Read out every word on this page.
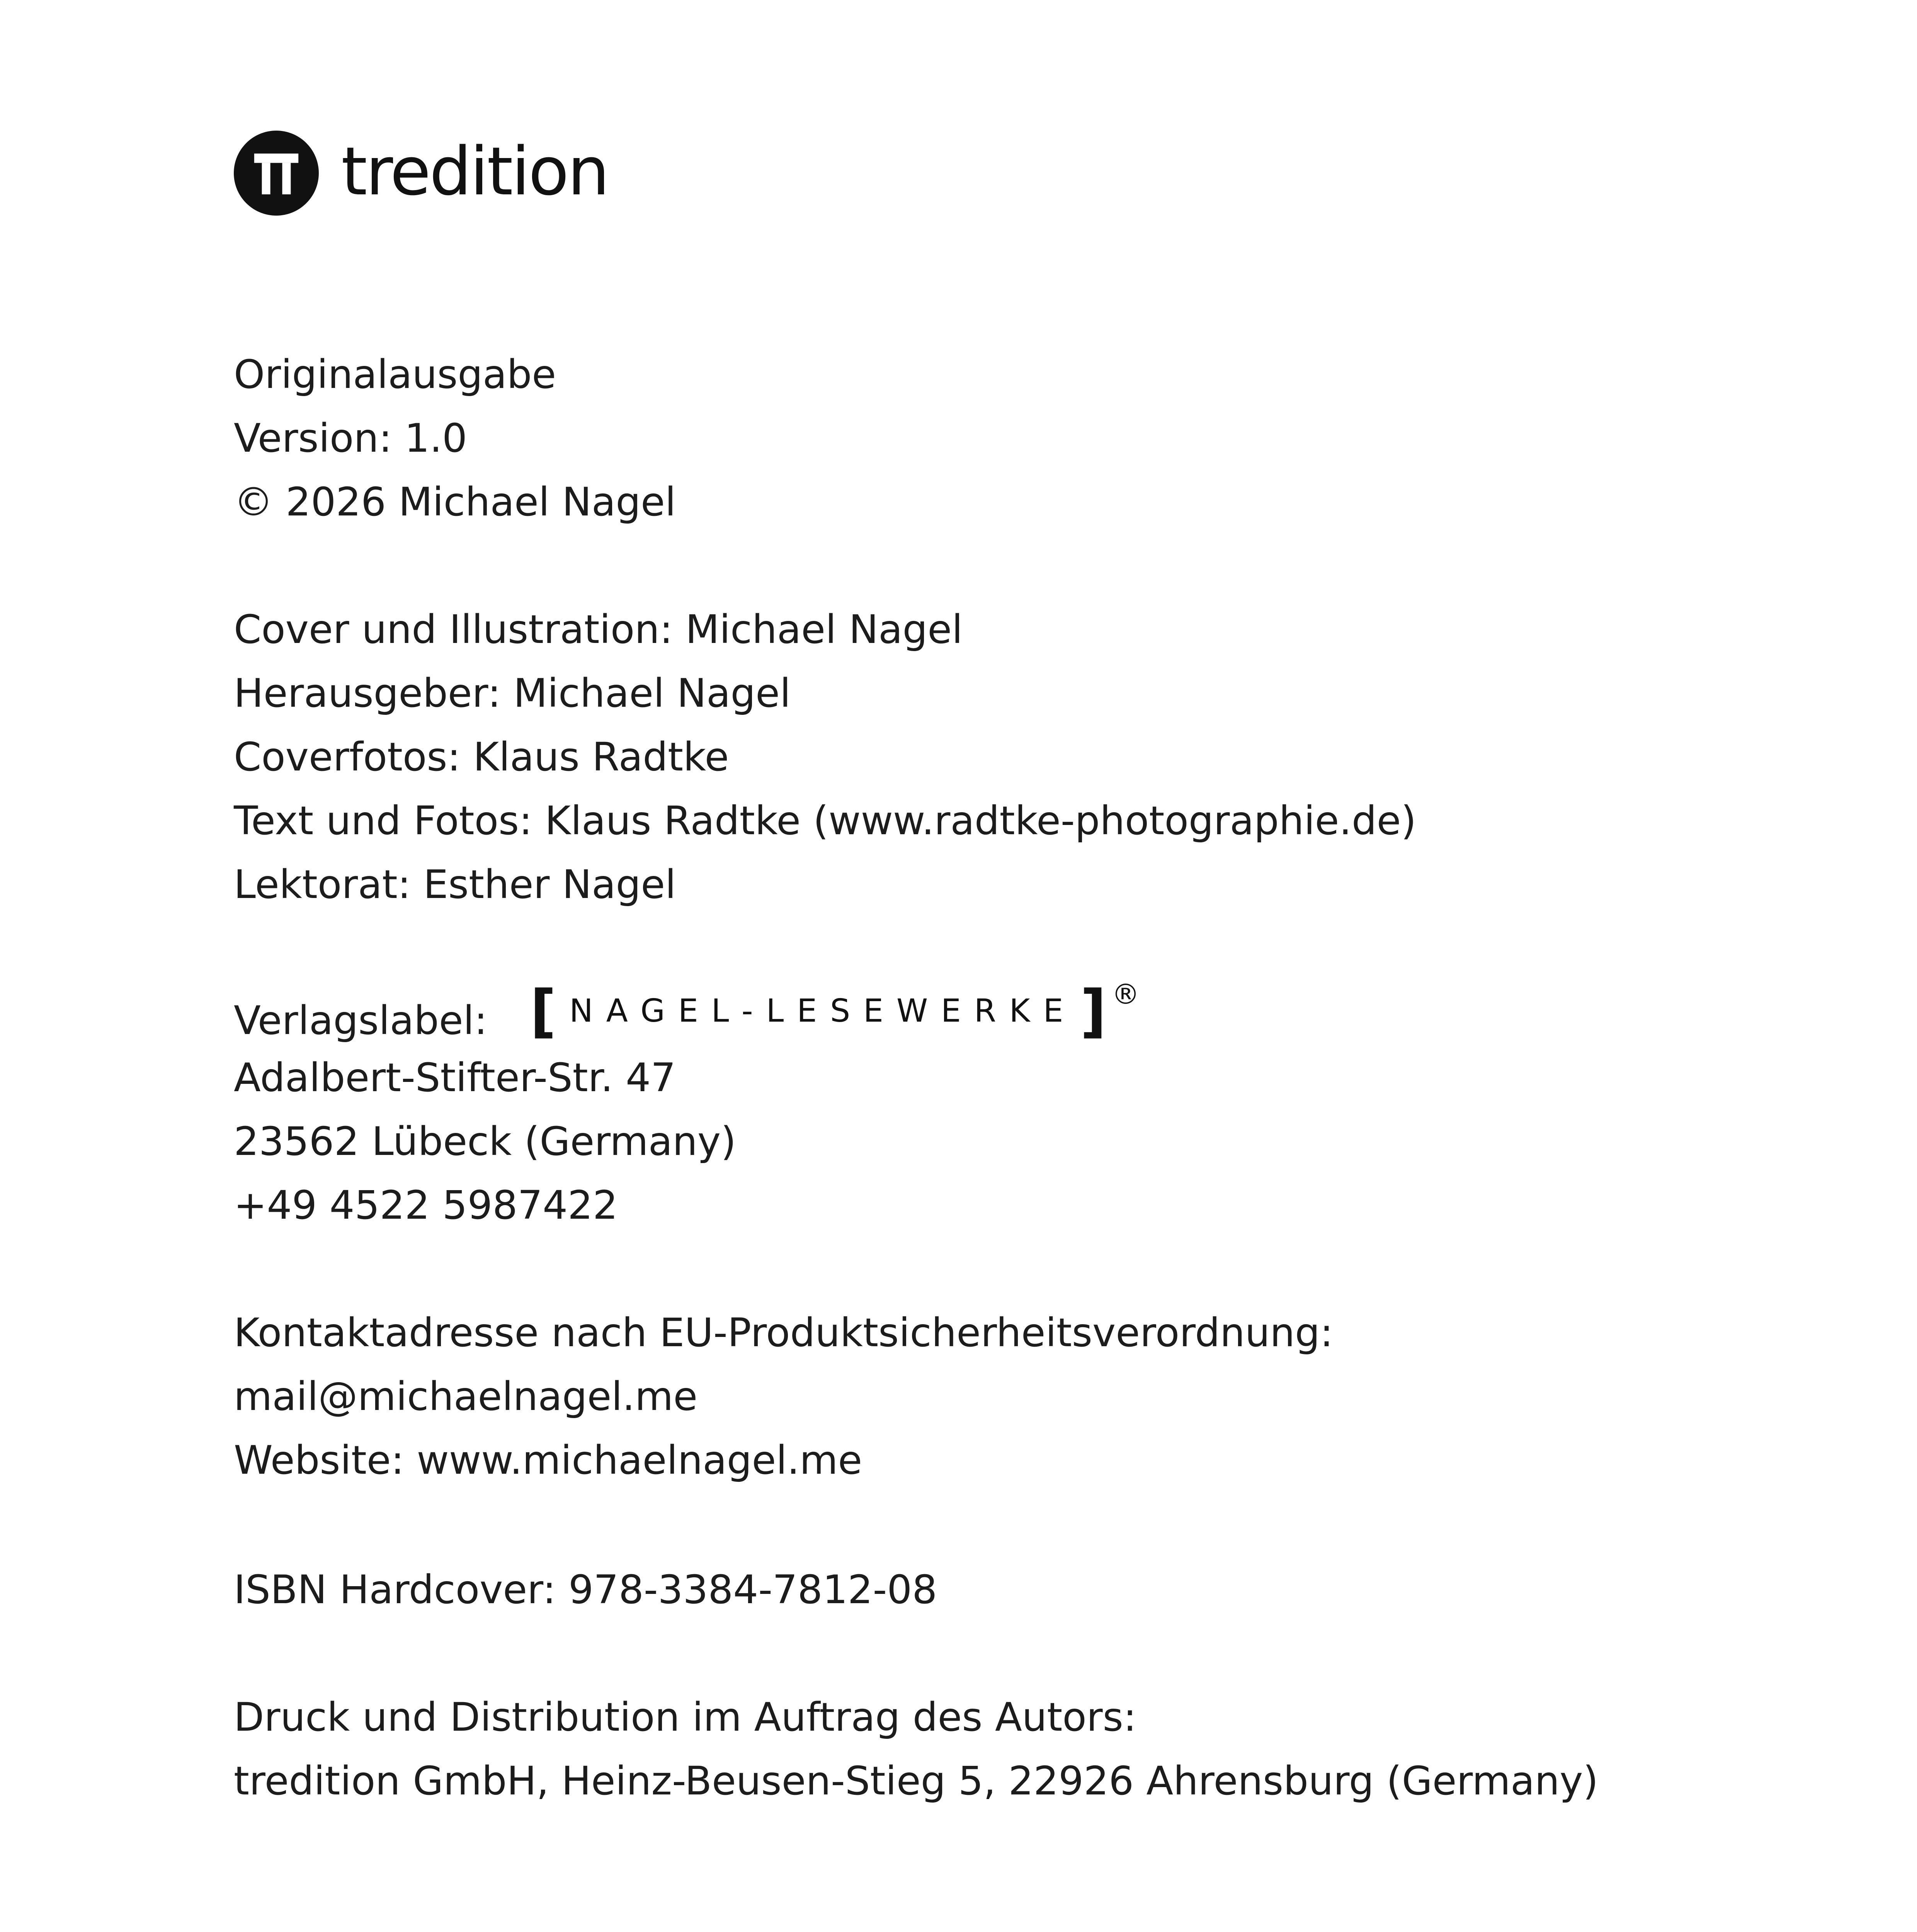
tredition
Originalausgabe
Version: 1.0
© 2026 Michael Nagel
Cover und Illustration: Michael Nagel
Herausgeber: Michael Nagel
Coverfotos: Klaus Radtke
Text und Fotos: Klaus Radtke (www.radtke-photographie.de)
Lektorat: Esther Nagel
Verlagslabel: [ NAGEL-LESEWERKE ] ®
Adalbert-Stifter-Str. 47
23562 Lübeck (Germany)
+49 4522 5987422
Kontaktadresse nach EU-Produktsicherheitsverordnung:
mail@michaelnagel.me
Website: www.michaelnagel.me
ISBN Hardcover: 978-3384-7812-08
Druck und Distribution im Auftrag des Autors:
tredition GmbH, Heinz-Beusen-Stieg 5, 22926 Ahrensburg (Germany)
